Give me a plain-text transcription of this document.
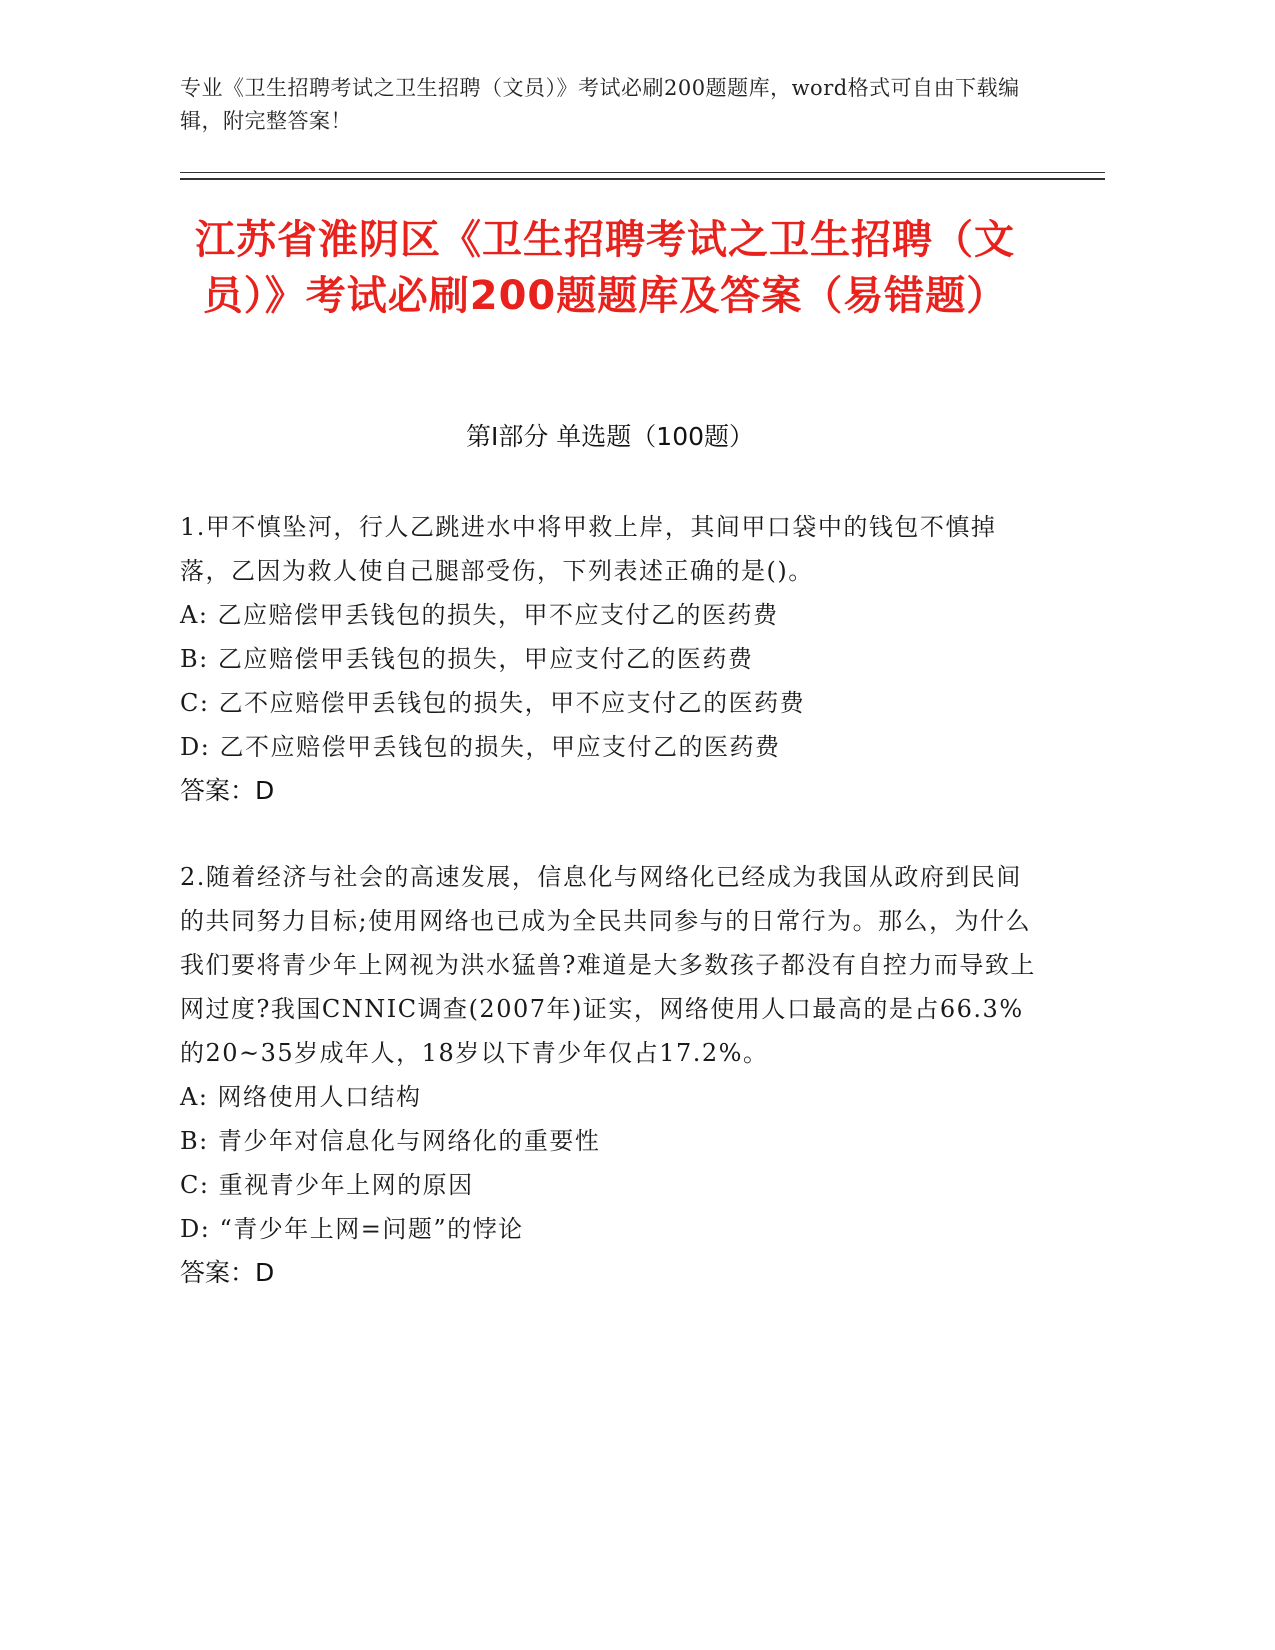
专业《卫生招聘考试之卫生招聘（文员）》考试必刷200题题库，word格式可自由下载编辑，附完整答案！
江苏省淮阴区《卫生招聘考试之卫生招聘（文员）》考试必刷200题题库及答案（易错题）
第Ⅰ部分 单选题（100题）
1.甲不慎坠河，行人乙跳进水中将甲救上岸，其间甲口袋中的钱包不慎掉落，乙因为救人使自己腿部受伤，下列表述正确的是()。
A: 乙应赔偿甲丢钱包的损失，甲不应支付乙的医药费
B: 乙应赔偿甲丢钱包的损失，甲应支付乙的医药费
C: 乙不应赔偿甲丢钱包的损失，甲不应支付乙的医药费
D: 乙不应赔偿甲丢钱包的损失，甲应支付乙的医药费
答案：D
2.随着经济与社会的高速发展，信息化与网络化已经成为我国从政府到民间的共同努力目标;使用网络也已成为全民共同参与的日常行为。那么，为什么我们要将青少年上网视为洪水猛兽?难道是大多数孩子都没有自控力而导致上网过度?我国CNNIC调查(2007年)证实，网络使用人口最高的是占66.3%的20~35岁成年人，18岁以下青少年仅占17.2%。
A: 网络使用人口结构
B: 青少年对信息化与网络化的重要性
C: 重视青少年上网的原因
D: “青少年上网=问题”的悖论
答案：D
